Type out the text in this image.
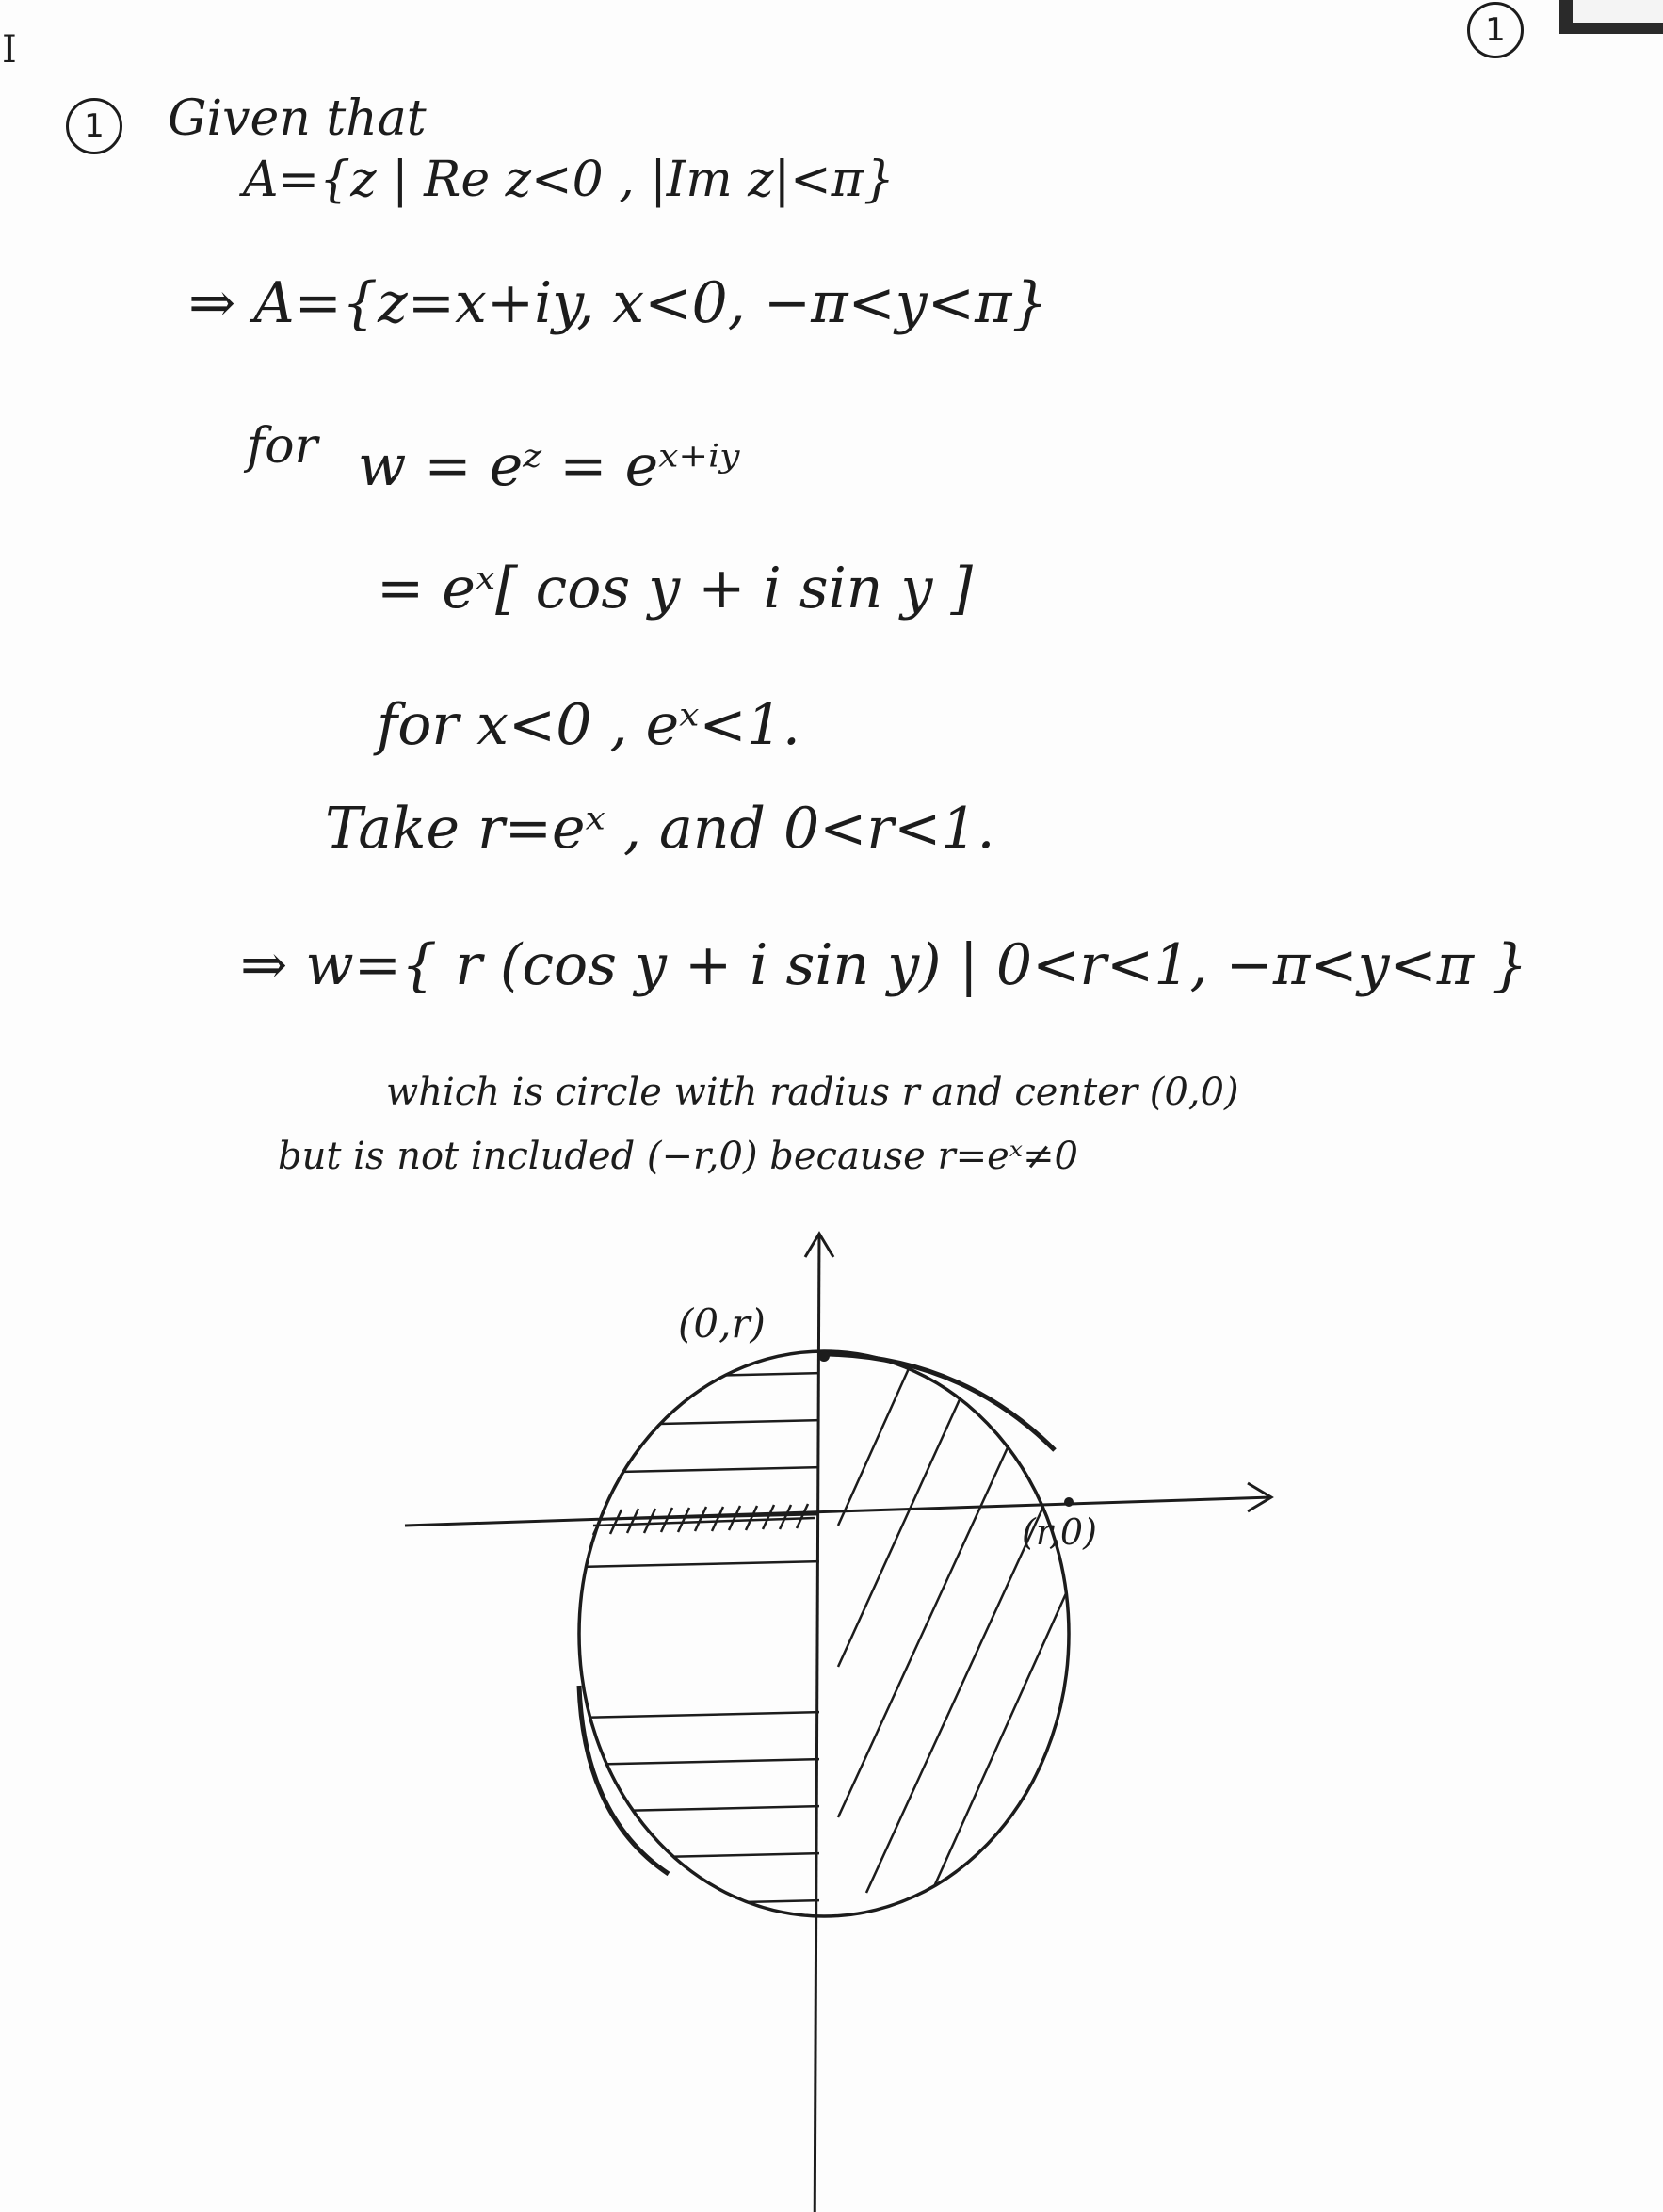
I	1
1 Given that
A={z | Re z<0 , |Im z|<π}
⇒ A={z=x+iy, x<0, −π<y<π}
for w = eᶻ = eˣ⁺ⁱʸ
= eˣ[ cos y + i sin y ]
for x<0 , eˣ<1.
Take r=eˣ , and 0<r<1.
⇒ w={ r (cos y + i sin y) | 0<r<1, −π<y<π }
which is circle with radius r and center (0,0)
but is not included (−r,0) because r=eˣ≠0
(0,r)
(r,0)
